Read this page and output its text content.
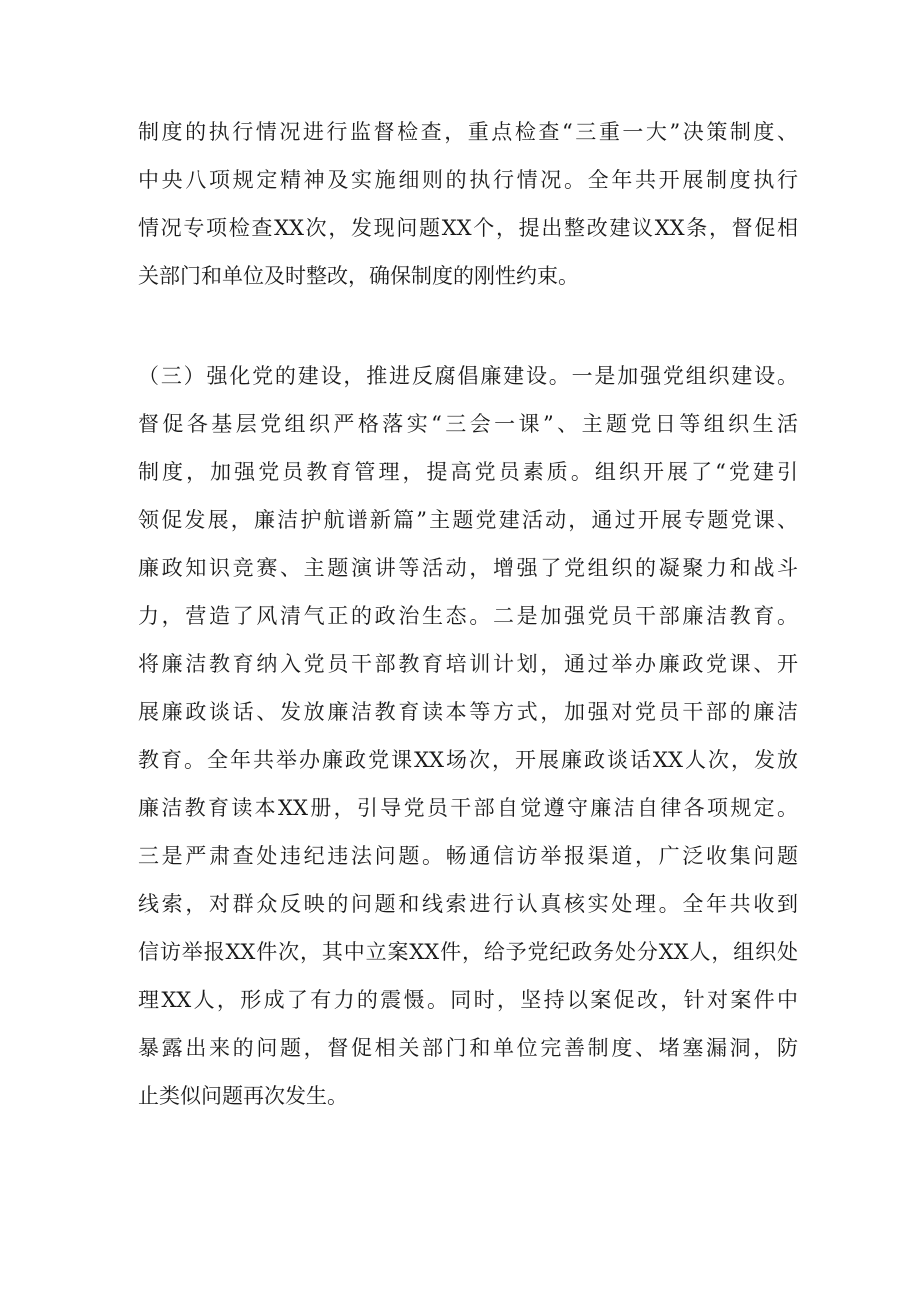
制度的执行情况进行监督检查，重点检查“三重一大”决策制度、
中央八项规定精神及实施细则的执行情况。全年共开展制度执行
情况专项检查XX次，发现问题XX个，提出整改建议XX条，督促相
关部门和单位及时整改，确保制度的刚性约束。
（三）强化党的建设，推进反腐倡廉建设。一是加强党组织建设。
督促各基层党组织严格落实“三会一课”、主题党日等组织生活
制度，加强党员教育管理，提高党员素质。组织开展了“党建引
领促发展，廉洁护航谱新篇”主题党建活动，通过开展专题党课、
廉政知识竞赛、主题演讲等活动，增强了党组织的凝聚力和战斗
力，营造了风清气正的政治生态。二是加强党员干部廉洁教育。
将廉洁教育纳入党员干部教育培训计划，通过举办廉政党课、开
展廉政谈话、发放廉洁教育读本等方式，加强对党员干部的廉洁
教育。全年共举办廉政党课XX场次，开展廉政谈话XX人次，发放
廉洁教育读本XX册，引导党员干部自觉遵守廉洁自律各项规定。
三是严肃查处违纪违法问题。畅通信访举报渠道，广泛收集问题
线索，对群众反映的问题和线索进行认真核实处理。全年共收到
信访举报XX件次，其中立案XX件，给予党纪政务处分XX人，组织处
理XX人，形成了有力的震慑。同时，坚持以案促改，针对案件中
暴露出来的问题，督促相关部门和单位完善制度、堵塞漏洞，防
止类似问题再次发生。
